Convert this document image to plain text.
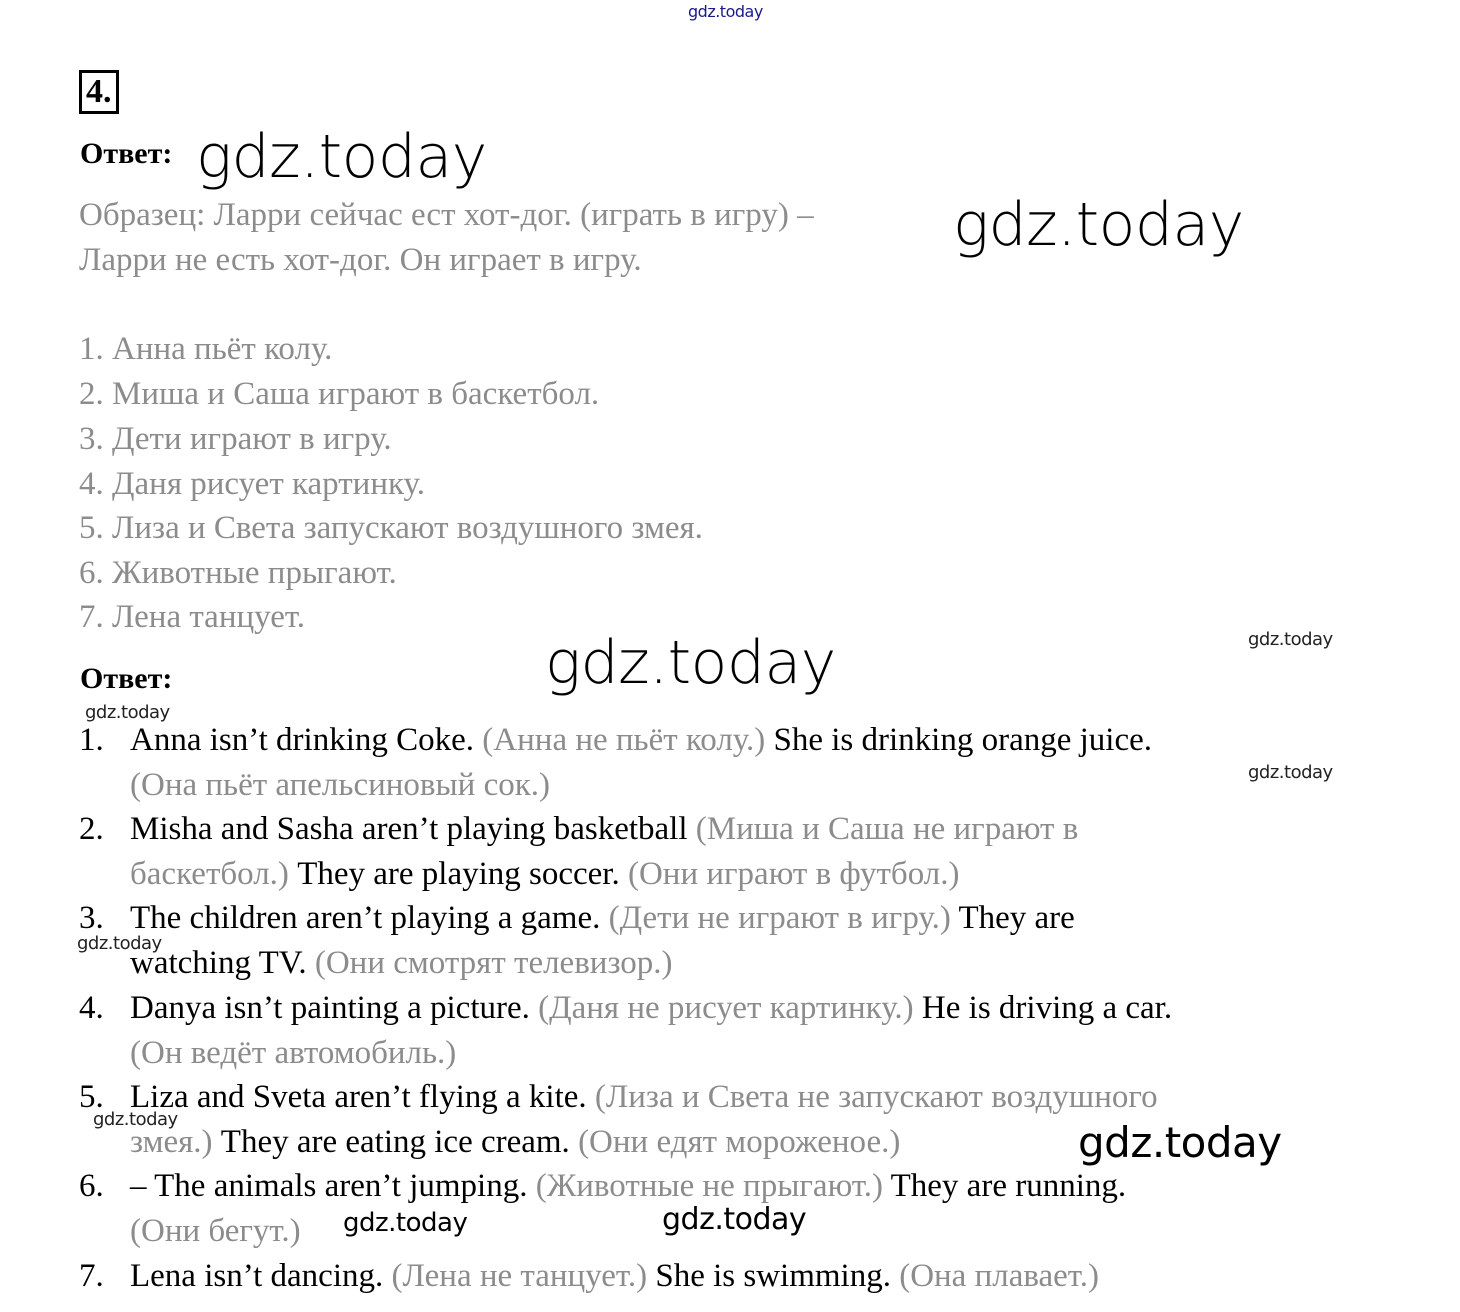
gdz.today
gdz.today
gdz.today
gdz.today	gdz.today
gdz.today
gdz.today
gdz.today
gdz.today	gdz.today
gdz.today	gdz.today
4.
Ответ:
Образец: Ларри сейчас ест хот-дог. (играть в игру) –
Ларри не есть хот-дог. Он играет в игру.
1. Анна пьёт колу.
2. Миша и Саша играют в баскетбол.
3. Дети играют в игру.
4. Даня рисует картинку.
5. Лиза и Света запускают воздушного змея.
6. Животные прыгают.
7. Лена танцует.
Ответ:
1. Anna isn’t drinking Coke. (Анна не пьёт колу.) She is drinking orange juice.
(Она пьёт апельсиновый сок.)
2. Misha and Sasha aren’t playing basketball (Миша и Саша не играют в
баскетбол.) They are playing soccer. (Они играют в футбол.)
3. The children aren’t playing a game. (Дети не играют в игру.) They are
watching TV. (Они смотрят телевизор.)
4. Danya isn’t painting a picture. (Даня не рисует картинку.) He is driving a car.
(Он ведёт автомобиль.)
5. Liza and Sveta aren’t flying a kite. (Лиза и Света не запускают воздушного
змея.) They are eating ice cream. (Они едят мороженое.)
6. – The animals aren’t jumping. (Животные не прыгают.) They are running.
(Они бегут.)
7. Lena isn’t dancing. (Лена не танцует.) She is swimming. (Она плавает.)
